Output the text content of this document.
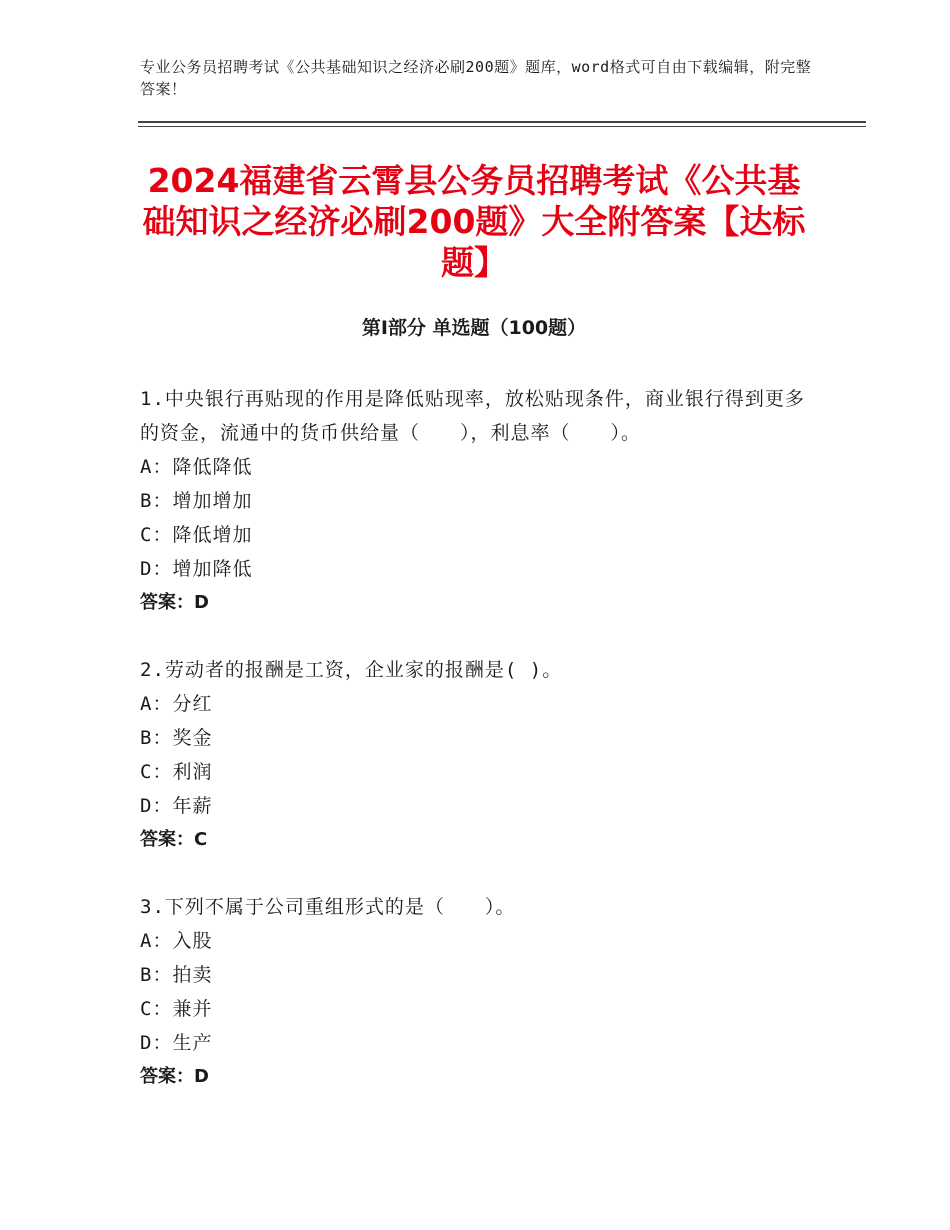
专业公务员招聘考试《公共基础知识之经济必刷200题》题库，word格式可自由下载编辑，附完整答案！
2024福建省云霄县公务员招聘考试《公共基础知识之经济必刷200题》大全附答案【达标题】
第Ⅰ部分 单选题（100题）
1.中央银行再贴现的作用是降低贴现率，放松贴现条件，商业银行得到更多的资金，流通中的货币供给量（　　），利息率（　　）。
A：降低降低
B：增加增加
C：降低增加
D：增加降低
答案：D
2.劳动者的报酬是工资，企业家的报酬是( )。
A：分红
B：奖金
C：利润
D：年薪
答案：C
3.下列不属于公司重组形式的是（　　）。
A：入股
B：拍卖
C：兼并
D：生产
答案：D
